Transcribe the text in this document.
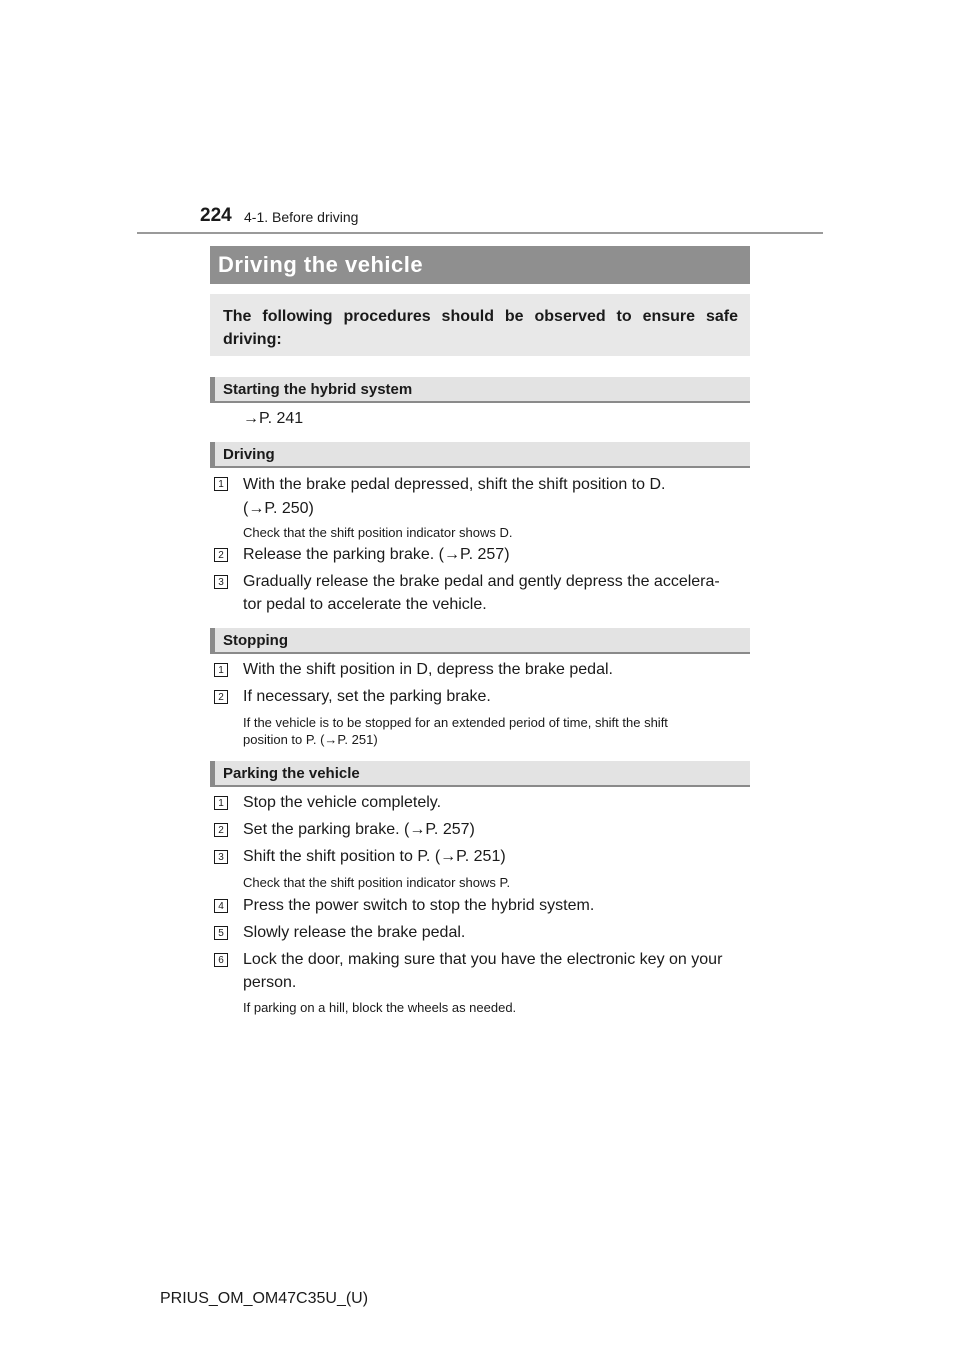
224 4-1. Before driving
Driving the vehicle
The following procedures should be observed to ensure safe driving:
Starting the hybrid system
→P. 241
Driving
1 With the brake pedal depressed, shift the shift position to D.
(→P. 250)
Check that the shift position indicator shows D.
2 Release the parking brake. (→P. 257)
3 Gradually release the brake pedal and gently depress the accelera-
tor pedal to accelerate the vehicle.
Stopping
1 With the shift position in D, depress the brake pedal.
2 If necessary, set the parking brake.
If the vehicle is to be stopped for an extended period of time, shift the shift
position to P. (→P. 251)
Parking the vehicle
1 Stop the vehicle completely.
2 Set the parking brake. (→P. 257)
3 Shift the shift position to P. (→P. 251)
Check that the shift position indicator shows P.
4 Press the power switch to stop the hybrid system.
5 Slowly release the brake pedal.
6 Lock the door, making sure that you have the electronic key on your
person.
If parking on a hill, block the wheels as needed.
PRIUS_OM_OM47C35U_(U)
